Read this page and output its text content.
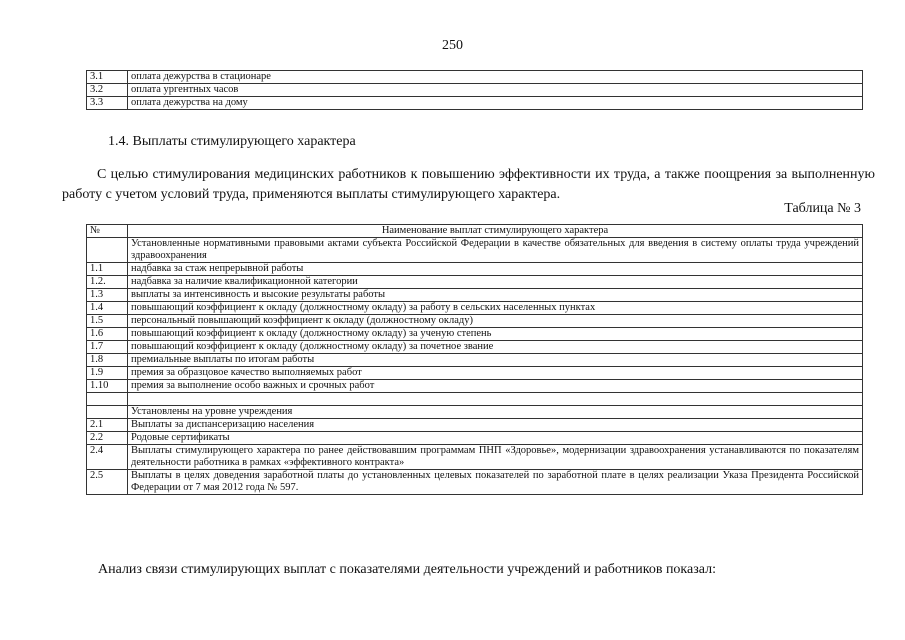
250
3.1	оплата дежурства в стационаре
3.2	оплата ургентных часов
3.3	оплата дежурства на дому
1.4. Выплаты стимулирующего характера
С целью стимулирования медицинских работников к повышению эффективности их труда, а также поощрения за выполненную работу с учетом условий труда, применяются выплаты стимулирующего характера.
Таблица № 3
№	Наименование выплат стимулирующего характера
	Установленные нормативными правовыми актами субъекта Российской Федерации в качестве обязательных для введения в систему оплаты труда учреждений здравоохранения
1.1	надбавка за стаж непрерывной работы
1.2.	надбавка за наличие квалификационной категории
1.3	выплаты за интенсивность и высокие результаты работы
1.4	повышающий коэффициент к окладу (должностному окладу) за работу в сельских населенных пунктах
1.5	персональный повышающий коэффициент к окладу (должностному окладу)
1.6	повышающий коэффициент к окладу (должностному окладу) за ученую степень
1.7	повышающий коэффициент к окладу (должностному окладу) за почетное звание
1.8	премиальные выплаты по итогам работы
1.9	премия за образцовое качество выполняемых работ
1.10	премия за выполнение особо важных и срочных работ

	Установлены на уровне учреждения
2.1	Выплаты за диспансеризацию населения
2.2	Родовые сертификаты
2.4	Выплаты стимулирующего характера по ранее действовавшим программам ПНП «Здоровье», модернизации здравоохранения устанавливаются по показателям деятельности работника в рамках «эффективного контракта»
2.5	Выплаты в целях доведения заработной платы до установленных целевых показателей по заработной плате в целях реализации Указа Президента Российской Федерации от 7 мая 2012 года № 597.
Анализ связи стимулирующих выплат с показателями деятельности учреждений и работников показал:
